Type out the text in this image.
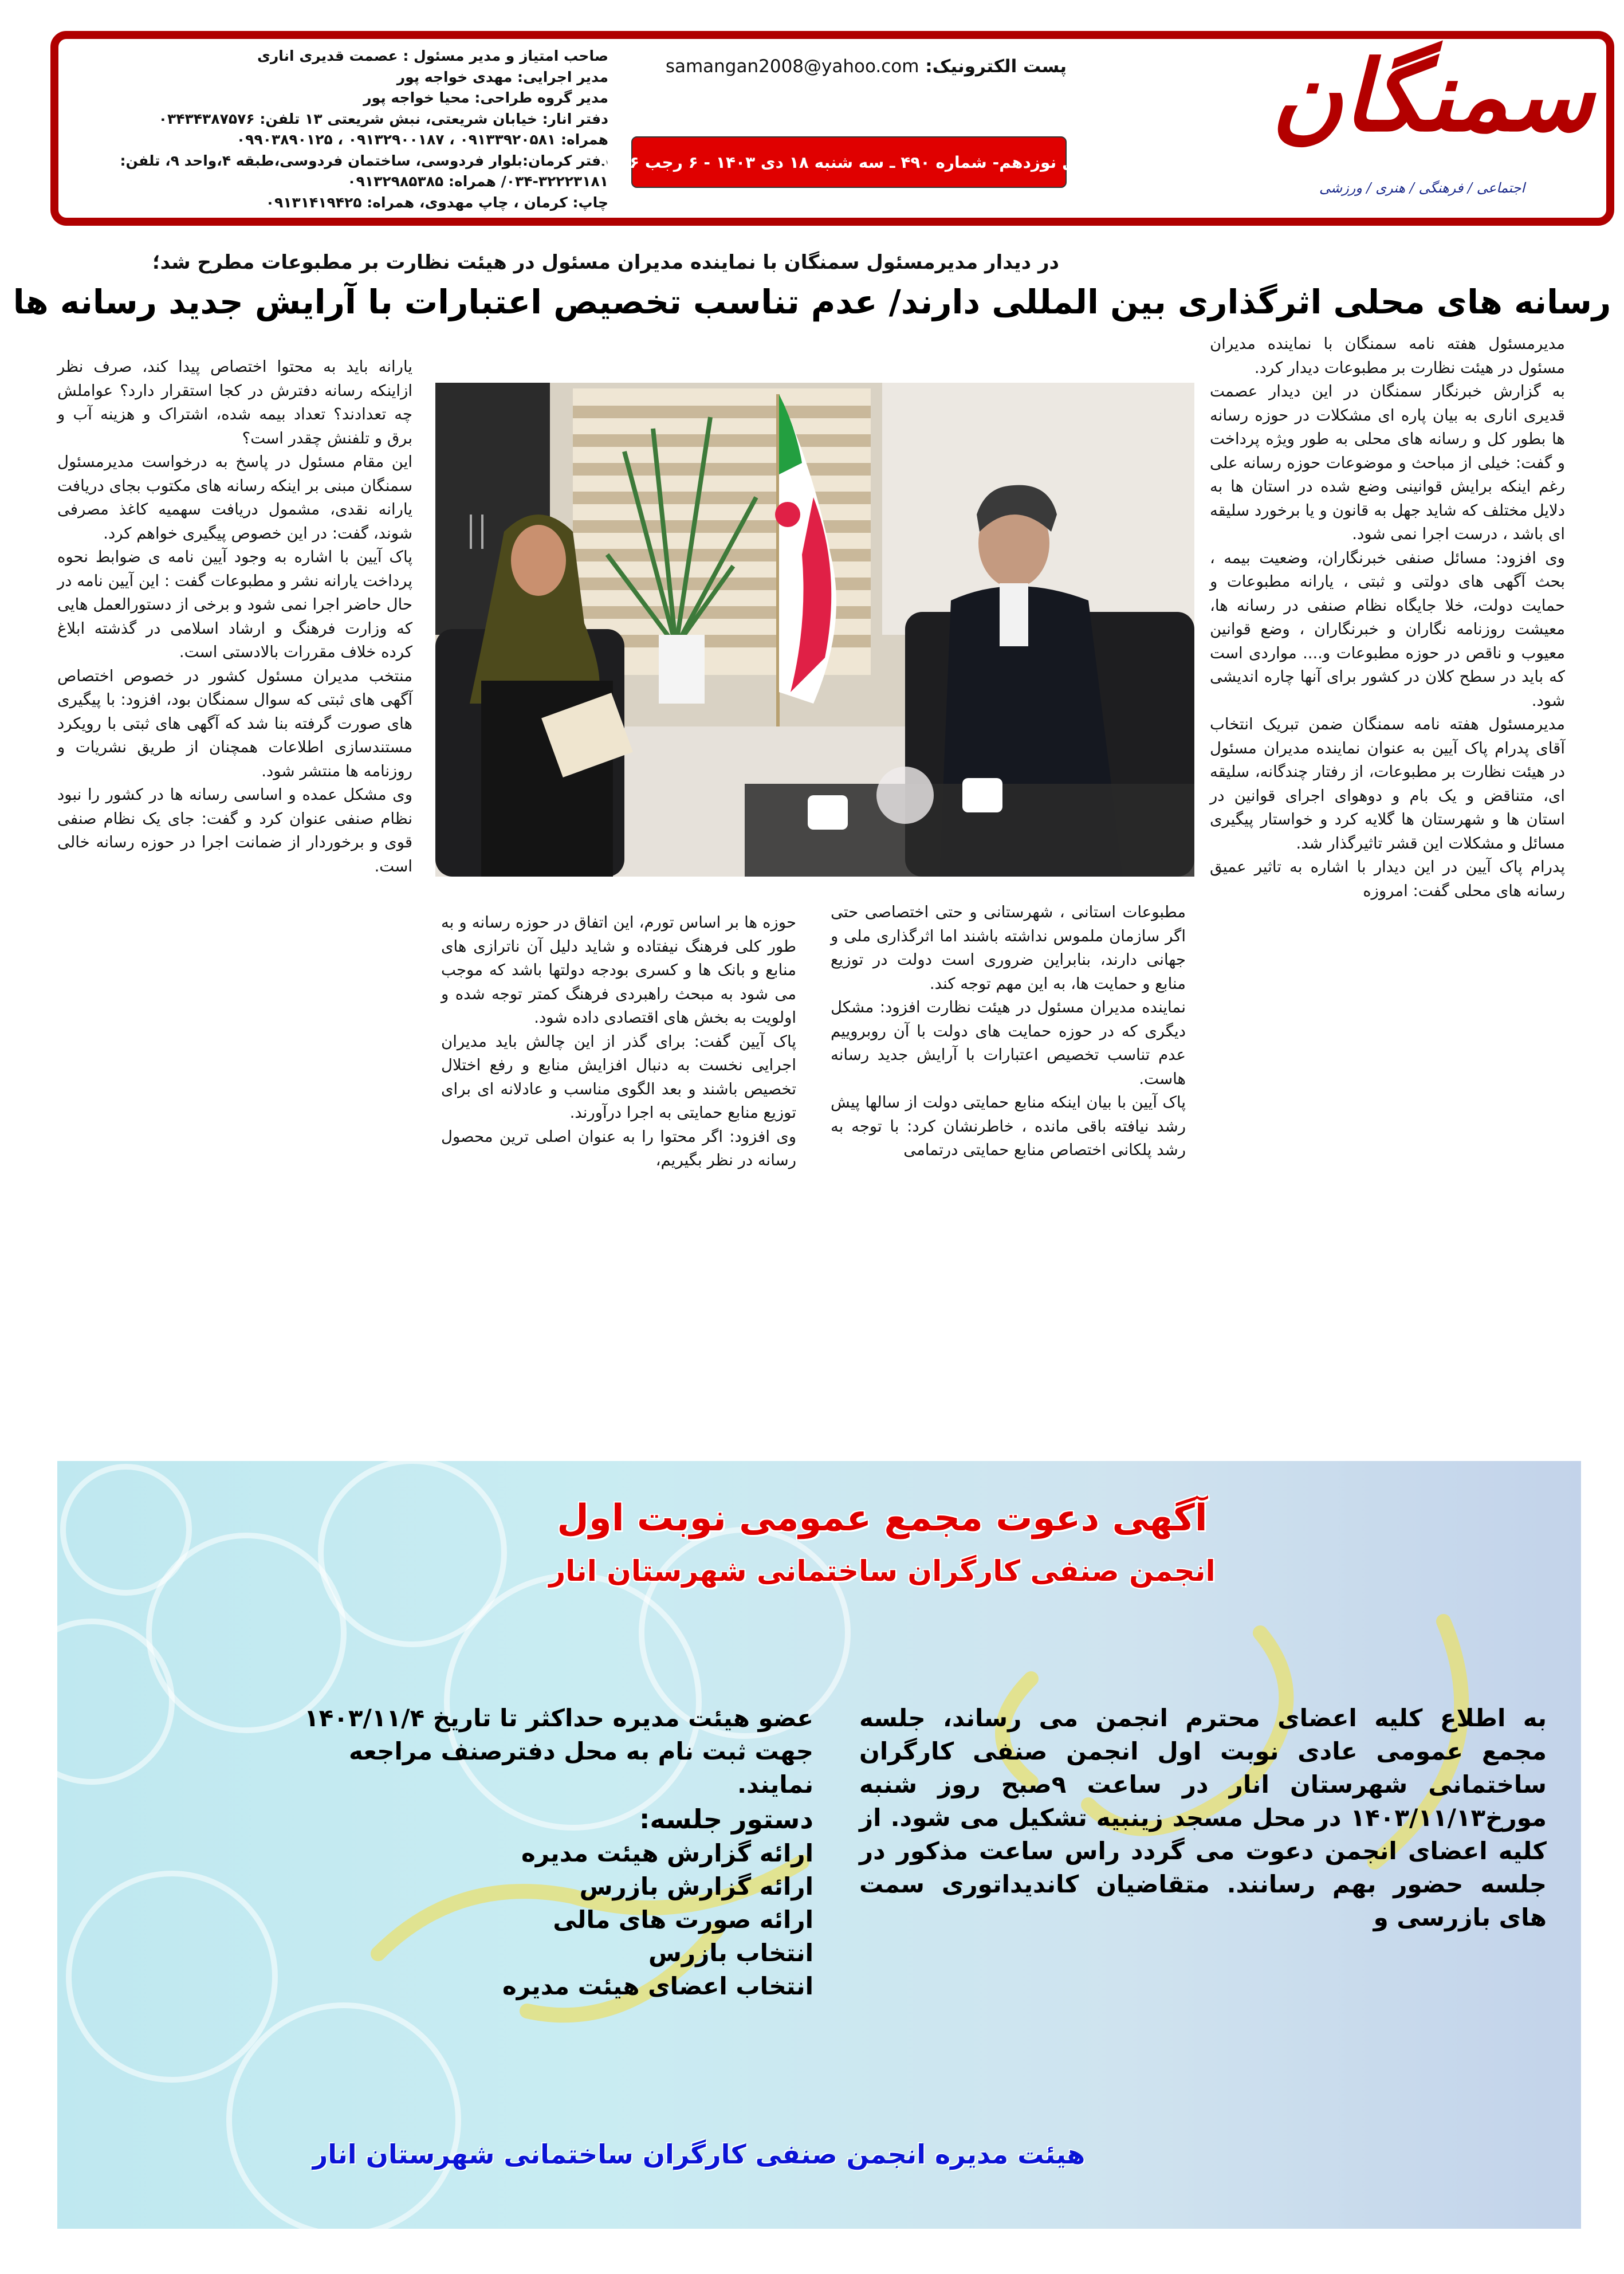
صاحب امتیاز و مدیر مسئول : عصمت قدیری اناری
مدیر اجرایی: مهدی خواجه پور
مدیر گروه طراحی: محیا خواجه پور
دفتر انار: خیابان شریعتی، نبش شریعتی ۱۳ تلفن: ۰۳۴۳۴۳۸۷۵۷۶
همراه: ۰۹۱۳۳۹۲۰۵۸۱ ، ۰۹۱۳۲۹۰۰۱۸۷ ، ۰۹۹۰۳۸۹۰۱۲۵
دفتر کرمان:بلوار فردوسی، ساختمان فردوسی،طبقه ۴،واحد ۹، تلفن:
۰۳۴-۳۲۲۲۳۱۸۱/ همراه: ۰۹۱۳۲۹۸۵۳۸۵
چاپ: کرمان ، چاپ مهدوی، همراه: ۰۹۱۳۱۴۱۹۴۲۵
پست الکترونیک: samangan2008@yahoo.com
سال نوزدهم- شماره ۴۹۰ ـ سه شنبه ۱۸ دی ۱۴۰۳ - ۶ رجب ۱۴۴۶
سمنگان
اجتماعی / فرهنگی / هنری / ورزشی
در دیدار مدیرمسئول سمنگان با نماینده مدیران مسئول در هیئت نظارت بر مطبوعات مطرح شد؛
رسانه های محلی اثرگذاری بین المللی دارند/ عدم تناسب تخصیص اعتبارات با آرایش جدید رسانه ها

مدیرمسئول هفته نامه سمنگان با نماینده مدیران مسئول در هیئت نظارت بر مطبوعات دیدار کرد.

به گزارش خبرنگار سمنگان در این دیدار عصمت قدیری اناری به بیان پاره ای مشکلات در حوزه رسانه ها بطور کل و رسانه های محلی به طور ویژه پرداخت و گفت: خیلی از مباحث و موضوعات حوزه رسانه علی رغم اینکه برایش قوانینی وضع شده در استان ها به دلایل مختلف که شاید جهل به قانون و یا برخورد سلیقه ای باشد ، درست اجرا نمی شود.

وی افزود: مسائل صنفی خبرنگاران، وضعیت بیمه ، بحث آگهی های دولتی و ثبتی ، یارانه مطبوعات و حمایت دولت، خلا جایگاه نظام صنفی در رسانه ها، معیشت روزنامه نگاران و خبرنگاران ، وضع قوانین معیوب و ناقص در حوزه مطبوعات و.... مواردی است که باید در سطح کلان در کشور برای آنها چاره اندیشی شود.

مدیرمسئول هفته نامه سمنگان ضمن تبریک انتخاب آقای پدرام پاک آیین به عنوان نماینده مدیران مسئول در هیئت نظارت بر مطبوعات، از رفتار چندگانه، سلیقه ای، متناقض و یک بام و دوهوای اجرای قوانین در استان ها و شهرستان ها گلایه کرد و خواستار پیگیری مسائل و مشکلات این قشر تاثیرگذار شد.

پدرام پاک آیین در این دیدار با اشاره به تاثیر عمیق رسانه های محلی گفت: امروزه

مطبوعات استانی ، شهرستانی و حتی اختصاصی حتی اگر سازمان ملموس نداشته باشند اما اثرگذاری ملی و جهانی دارند، بنابراین ضروری است دولت در توزیع منابع و حمایت ها، به این مهم توجه کند.

نماینده مدیران مسئول در هیئت نظارت افزود: مشکل دیگری که در حوزه حمایت های دولت با آن روبروییم عدم تناسب تخصیص اعتبارات با آرایش جدید رسانه هاست.

پاک آیین با بیان اینکه منابع حمایتی دولت از سالها پیش رشد نیافته باقی مانده ، خاطرنشان کرد: با توجه به رشد پلکانی اختصاص منابع حمایتی درتمامی

حوزه ها بر اساس تورم، این اتفاق در حوزه رسانه و به طور کلی فرهنگ نیفتاده و شاید دلیل آن ناترازی های منابع و بانک ها و کسری بودجه دولتها باشد که موجب می شود به مبحث راهبردی فرهنگ کمتر توجه شده و اولویت به بخش های اقتصادی داده شود.

پاک آیین گفت: برای گذر از این چالش باید مدیران اجرایی نخست به دنبال افزایش منابع و رفع اختلال تخصیص باشند و بعد الگوی مناسب و عادلانه ای برای توزیع منابع حمایتی به اجرا درآورند.

وی افزود: اگر محتوا را به عنوان اصلی ترین محصول رسانه در نظر بگیریم،

یارانه باید به محتوا اختصاص پیدا کند، صرف نظر ازاینکه رسانه دفترش در کجا استقرار دارد؟ عواملش چه تعدادند؟ تعداد بیمه شده، اشتراک و هزینه آب و برق و تلفنش چقدر است؟

این مقام مسئول در پاسخ به درخواست مدیرمسئول سمنگان مبنی بر اینکه رسانه های مکتوب بجای دریافت یارانه نقدی، مشمول دریافت سهمیه کاغذ مصرفی شوند، گفت: در این خصوص پیگیری خواهم کرد.

پاک آیین با اشاره به وجود آیین نامه ی ضوابط نحوه پرداخت یارانه نشر و مطبوعات گفت : این آیین نامه در حال حاضر اجرا نمی شود و برخی از دستورالعمل هایی که وزارت فرهنگ و ارشاد اسلامی در گذشته ابلاغ کرده خلاف مقررات بالادستی است.

منتخب مدیران مسئول کشور در خصوص اختصاص آگهی های ثبتی که سوال سمنگان بود، افزود: با پیگیری های صورت گرفته بنا شد که آگهی های ثبتی با رویکرد مستندسازی اطلاعات همچنان از طریق نشریات و روزنامه ها منتشر شود.

وی مشکل عمده و اساسی رسانه ها در کشور را نبود نظام صنفی عنوان کرد و گفت: جای یک نظام صنفی قوی و برخوردار از ضمانت اجرا در حوزه رسانه خالی است.

آگهی دعوت مجمع عمومی نوبت اول
انجمن صنفی کارگران ساختمانی شهرستان انار
به اطلاع کلیه اعضای محترم انجمن می رساند، جلسه مجمع عمومی عادی نوبت اول انجمن صنفی کارگران ساختمانی شهرستان انار در ساعت ۹صبح روز شنبه مورخ۱۴۰۳/۱۱/۱۳ در محل مسجد زینبیه تشکیل می شود. از کلیه اعضای انجمن دعوت می گردد راس ساعت مذکور در جلسه حضور بهم رسانند. متقاضیان کاندیداتوری سمت های بازرسی و
عضو هیئت مدیره حداکثر تا تاریخ ۱۴۰۳/۱۱/۴ جهت ثبت نام به محل دفترصنف مراجعه نمایند.
دستور جلسه:
ارائه گزارش هیئت مدیره
ارائه گزارش بازرس
ارائه صورت های مالی
انتخاب بازرس
انتخاب اعضای هیئت مدیره
هیئت مدیره انجمن صنفی کارگران ساختمانی شهرستان انار
